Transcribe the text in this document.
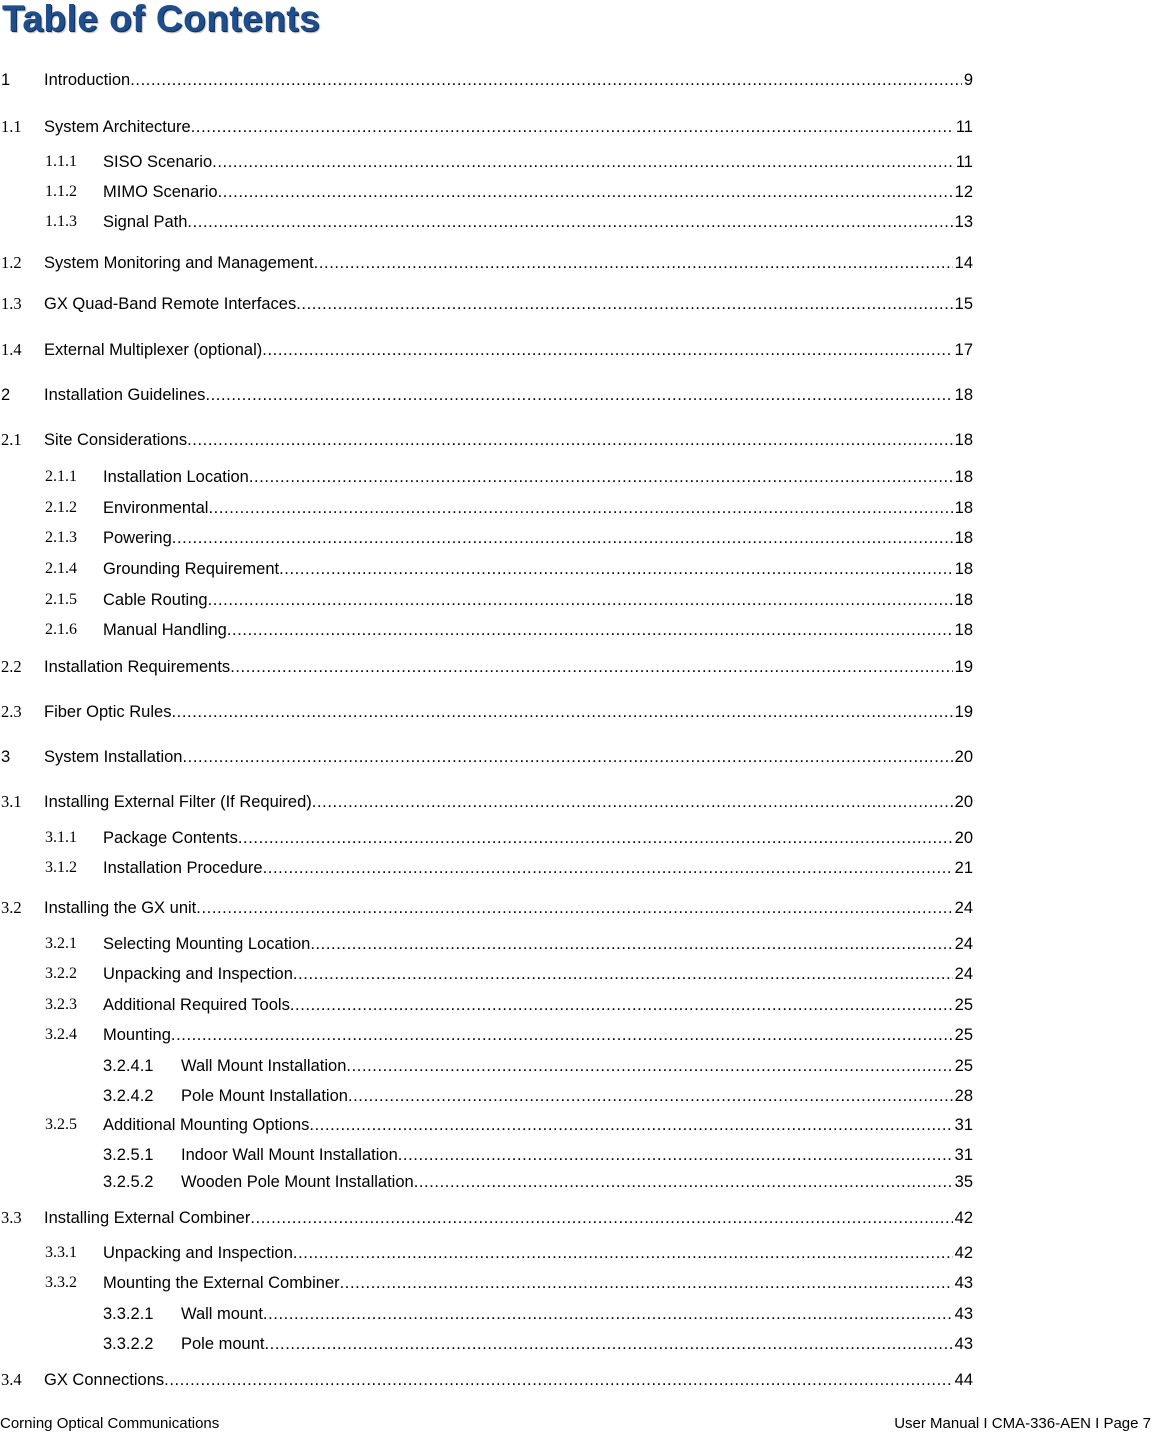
Table of Contents
1	Introduction .....	9
1.1	System Architecture .....	11
1.1.1	SISO Scenario .....	11
1.1.2	MIMO Scenario .....	12
1.1.3	Signal Path .....	13
1.2	System Monitoring and Management .....	14
1.3	GX Quad-Band Remote Interfaces .....	15
1.4	External Multiplexer (optional) .....	17
2	Installation Guidelines .....	18
2.1	Site Considerations .....	18
2.1.1	Installation Location .....	18
2.1.2	Environmental .....	18
2.1.3	Powering .....	18
2.1.4	Grounding Requirement .....	18
2.1.5	Cable Routing .....	18
2.1.6	Manual Handling .....	18
2.2	Installation Requirements .....	19
2.3	Fiber Optic Rules .....	19
3	System Installation .....	20
3.1	Installing External Filter (If Required) .....	20
3.1.1	Package Contents .....	20
3.1.2	Installation Procedure .....	21
3.2	Installing the GX unit .....	24
3.2.1	Selecting Mounting Location .....	24
3.2.2	Unpacking and Inspection .....	24
3.2.3	Additional Required Tools .....	25
3.2.4	Mounting .....	25
3.2.4.1	Wall Mount Installation .....	25
3.2.4.2	Pole Mount Installation .....	28
3.2.5	Additional Mounting Options .....	31
3.2.5.1	Indoor Wall Mount Installation .....	31
3.2.5.2	Wooden Pole Mount Installation .....	35
3.3	Installing External Combiner .....	42
3.3.1	Unpacking and Inspection .....	42
3.3.2	Mounting the External Combiner .....	43
3.3.2.1	Wall mount .....	43
3.3.2.2	Pole mount .....	43
3.4	GX Connections .....	44
Corning Optical Communications	User Manual I CMA-336-AEN I Page 7
